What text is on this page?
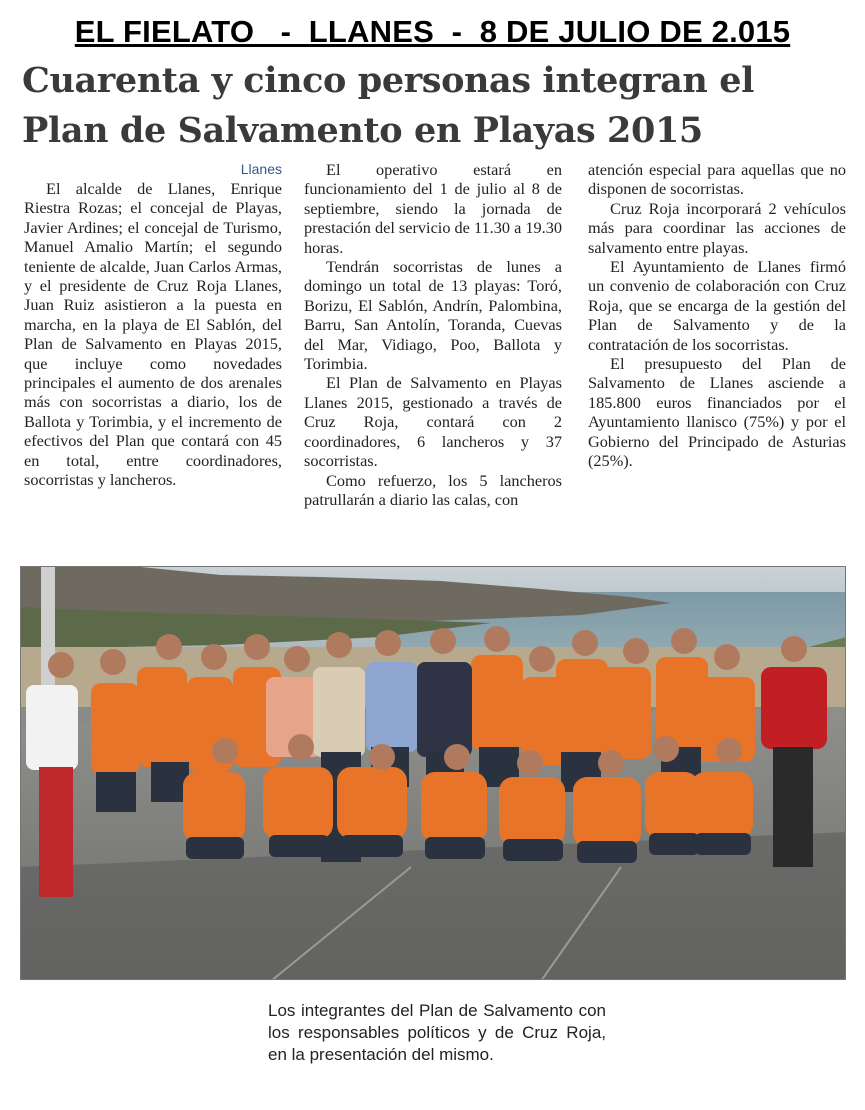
EL FIELATO   -  LLANES  -  8 DE JULIO DE 2.015
Cuarenta y cinco personas integran el
Plan de Salvamento en Playas 2015
Llanes

El alcalde de Llanes, Enrique Riestra Rozas; el concejal de Playas, Javier Ardines; el concejal de Turismo, Manuel Amalio Martín; el segundo teniente de alcalde, Juan Carlos Armas, y el presidente de Cruz Roja Llanes, Juan Ruiz asistieron a la puesta en marcha, en la playa de El Sablón, del Plan de Salvamento en Playas 2015, que incluye como novedades principales el aumento de dos arenales más con socorristas a diario, los de Ballota y Torimbia, y el incremento de efectivos del Plan que contará con 45 en total, entre coordinadores, socorristas y lancheros.

El operativo estará en funcionamiento del 1 de julio al 8 de septiembre, siendo la jornada de prestación del servicio de 11.30 a 19.30 horas.

Tendrán socorristas de lunes a domingo un total de 13 playas: Toró, Borizu, El Sablón, Andrín, Palombina, Barru, San Antolín, Toranda, Cuevas del Mar, Vidiago, Poo, Ballota y Torimbia.

El Plan de Salvamento en Playas Llanes 2015, gestionado a través de Cruz Roja, contará con 2 coordinadores, 6 lancheros y 37 socorristas.

Como refuerzo, los 5 lancheros patrullarán a diario las calas, con

atención especial para aquellas que no disponen de socorristas.

Cruz Roja incorporará 2 vehículos más para coordinar las acciones de salvamento entre playas.

El Ayuntamiento de Llanes firmó un convenio de colaboración con Cruz Roja, que se encarga de la gestión del Plan de Salvamento y de la contratación de los socorristas.

El presupuesto del Plan de Salvamento de Llanes asciende a 185.800 euros financiados por el Ayuntamiento llanisco (75%) y por el Gobierno del Principado de Asturias (25%).

Los integrantes del Plan de Salvamento con los responsables políticos y de Cruz Roja, en la presentación del mismo.
